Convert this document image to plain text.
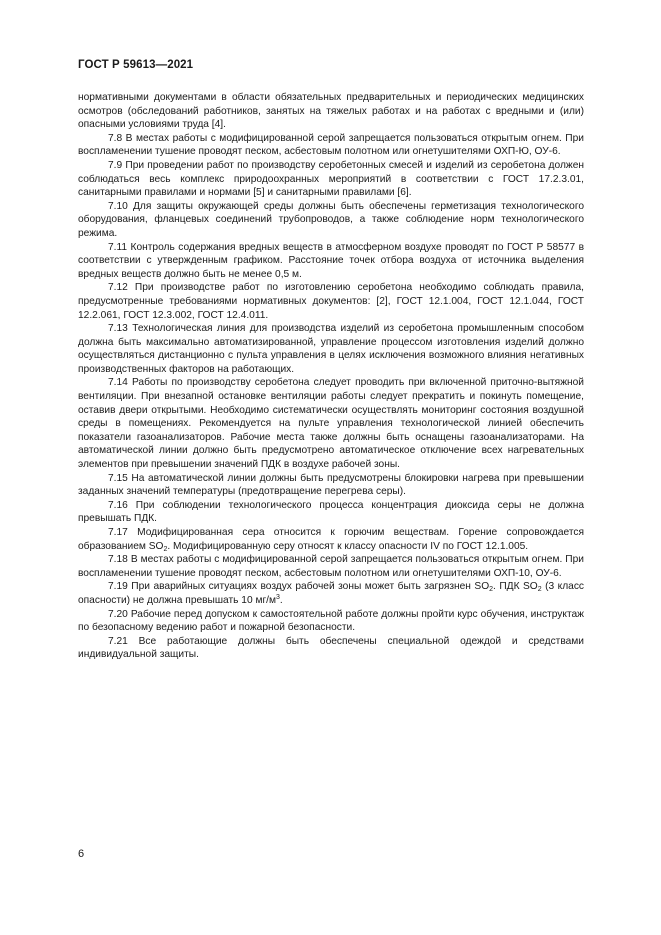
ГОСТ Р 59613—2021

нормативными документами в области обязательных предварительных и периодических медицинских осмотров (обследований работников, занятых на тяжелых работах и на работах с вредными и (или) опасными условиями труда [4].

7.8 В местах работы с модифицированной серой запрещается пользоваться открытым огнем. При воспламенении тушение проводят песком, асбестовым полотном или огнетушителями ОХП-Ю, ОУ-6.

7.9 При проведении работ по производству серобетонных смесей и изделий из серобетона должен соблюдаться весь комплекс природоохранных мероприятий в соответствии с ГОСТ 17.2.3.01, санитарными правилами и нормами [5] и санитарными правилами [6].

7.10 Для защиты окружающей среды должны быть обеспечены герметизация технологического оборудования, фланцевых соединений трубопроводов, а также соблюдение норм технологического режима.

7.11 Контроль содержания вредных веществ в атмосферном воздухе проводят по ГОСТ Р 58577 в соответствии с утвержденным графиком. Расстояние точек отбора воздуха от источника выделения вредных веществ должно быть не менее 0,5 м.

7.12 При производстве работ по изготовлению серобетона необходимо соблюдать правила, предусмотренные требованиями нормативных документов: [2], ГОСТ 12.1.004, ГОСТ 12.1.044, ГОСТ 12.2.061, ГОСТ 12.3.002, ГОСТ 12.4.011.

7.13 Технологическая линия для производства изделий из серобетона промышленным способом должна быть максимально автоматизированной, управление процессом изготовления изделий должно осуществляться дистанционно с пульта управления в целях исключения возможного влияния негативных производственных факторов на работающих.

7.14 Работы по производству серобетона следует проводить при включенной приточно-вытяжной вентиляции. При внезапной остановке вентиляции работы следует прекратить и покинуть помещение, оставив двери открытыми. Необходимо систематически осуществлять мониторинг состояния воздушной среды в помещениях. Рекомендуется на пульте управления технологической линией обеспечить показатели газоанализаторов. Рабочие места также должны быть оснащены газоанализаторами. На автоматической линии должно быть предусмотрено автоматическое отключение всех нагревательных элементов при превышении значений ПДК в воздухе рабочей зоны.

7.15 На автоматической линии должны быть предусмотрены блокировки нагрева при превышении заданных значений температуры (предотвращение перегрева серы).

7.16 При соблюдении технологического процесса концентрация диоксида серы не должна превышать ПДК.

7.17 Модифицированная сера относится к горючим веществам. Горение сопровождается образованием $SO_2$. Модифицированную серу относят к классу опасности IV по ГОСТ 12.1.005.

7.18 В местах работы с модифицированной серой запрещается пользоваться открытым огнем. При воспламенении тушение проводят песком, асбестовым полотном или огнетушителями ОХП-10, ОУ-6.

7.19 При аварийных ситуациях воздух рабочей зоны может быть загрязнен $SO_2$. ПДК $SO_2$ (3 класс опасности) не должна превышать 10 $мг/м^3$.

7.20 Рабочие перед допуском к самостоятельной работе должны пройти курс обучения, инструктаж по безопасному ведению работ и пожарной безопасности.

7.21 Все работающие должны быть обеспечены специальной одеждой и средствами индивидуальной защиты.

6
